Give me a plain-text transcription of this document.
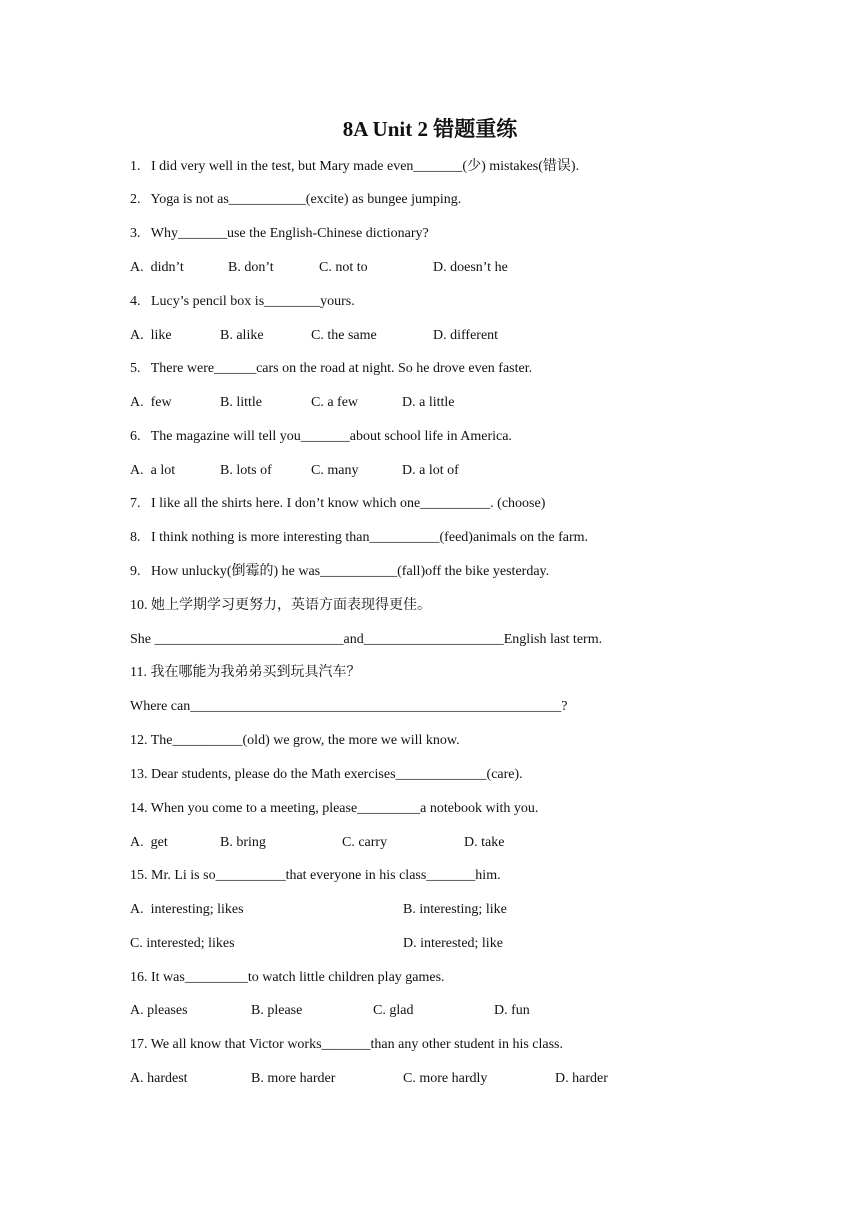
8A Unit 2 错题重练
1.   I did very well in the test, but Mary made even_______(少) mistakes(错误).
2.   Yoga is not as___________(excite) as bungee jumping.
3.   Why_______use the English-Chinese dictionary?
A.  didn’t	B. don’t	C. not to	D. doesn’t he
4.   Lucy’s pencil box is________yours.
A.  like	B. alike	C. the same	D. different
5.   There were______cars on the road at night. So he drove even faster.
A.  few	B. little	C. a few	D. a little
6.   The magazine will tell you_______about school life in America.
A.  a lot	B. lots of	C. many	D. a lot of
7.   I like all the shirts here. I don’t know which one__________. (choose)
8.   I think nothing is more interesting than__________(feed)animals on the farm.
9.   How unlucky(倒霉的) he was___________(fall)off the bike yesterday.
10. 她上学期学习更努力，英语方面表现得更佳。
She ___________________________and____________________English last term.
11. 我在哪能为我弟弟买到玩具汽车？
Where can_____________________________________________________?
12. The__________(old) we grow, the more we will know.
13. Dear students, please do the Math exercises_____________(care).
14. When you come to a meeting, please_________a notebook with you.
A.  get	B. bring	C. carry	D. take
15. Mr. Li is so__________that everyone in his class_______him.
A.  interesting; likes	B. interesting; like
C. interested; likes	D. interested; like
16. It was_________to watch little children play games.
A. pleases	B. please	C. glad	D. fun
17. We all know that Victor works_______than any other student in his class.
A. hardest	B. more harder	C. more hardly	D. harder
